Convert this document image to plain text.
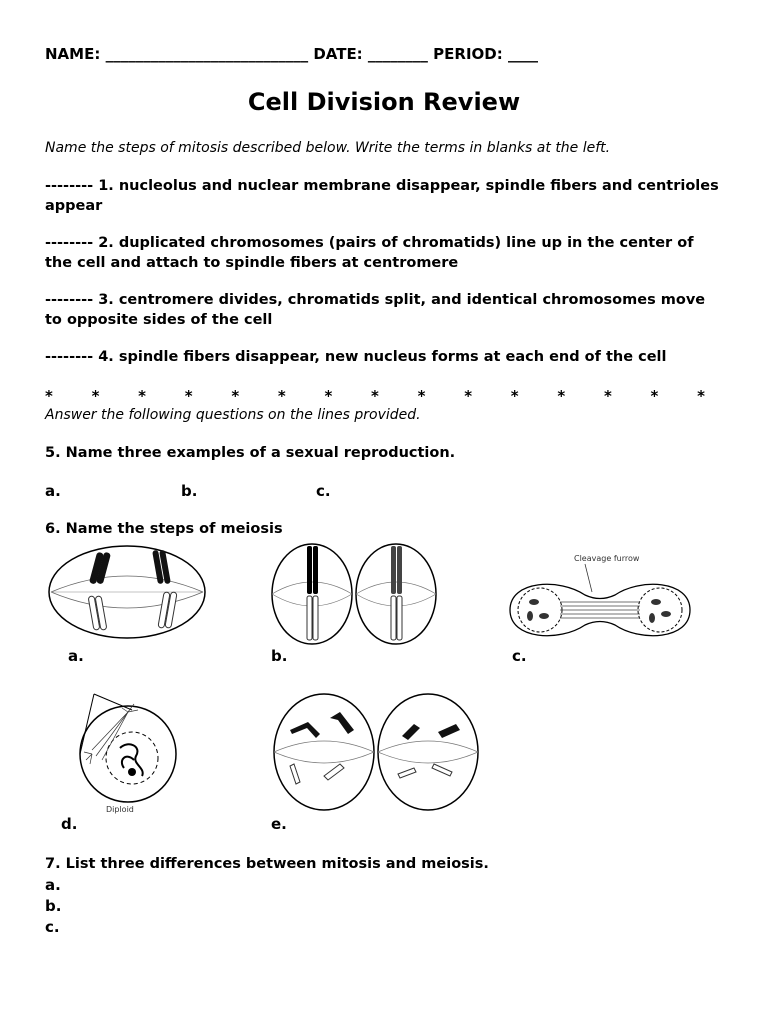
NAME: ___________________________ DATE: ________ PERIOD: ____
Cell Division Review
Name the steps of mitosis described below. Write the terms in blanks at the left.
-------- 1. nucleolus and nuclear membrane disappear, spindle fibers and centrioles appear
-------- 2. duplicated chromosomes (pairs of chromatids) line up in the center of the cell and attach to spindle fibers at centromere
-------- 3. centromere divides, chromatids split, and identical chromosomes move to opposite sides of the cell
-------- 4. spindle fibers disappear, new nucleus forms at each end of the cell
*	*	*	*	*	*	*	*	*	*	*	*	*	*	*
Answer the following questions on the lines provided.
5. Name three examples of a sexual reproduction.
a.	b.	c.
6. Name the steps of meiosis
a.	b.
Cleavage furrow
c.
Diploid
d.	e.
7. List three differences between mitosis and meiosis.
a.
b.
c.
